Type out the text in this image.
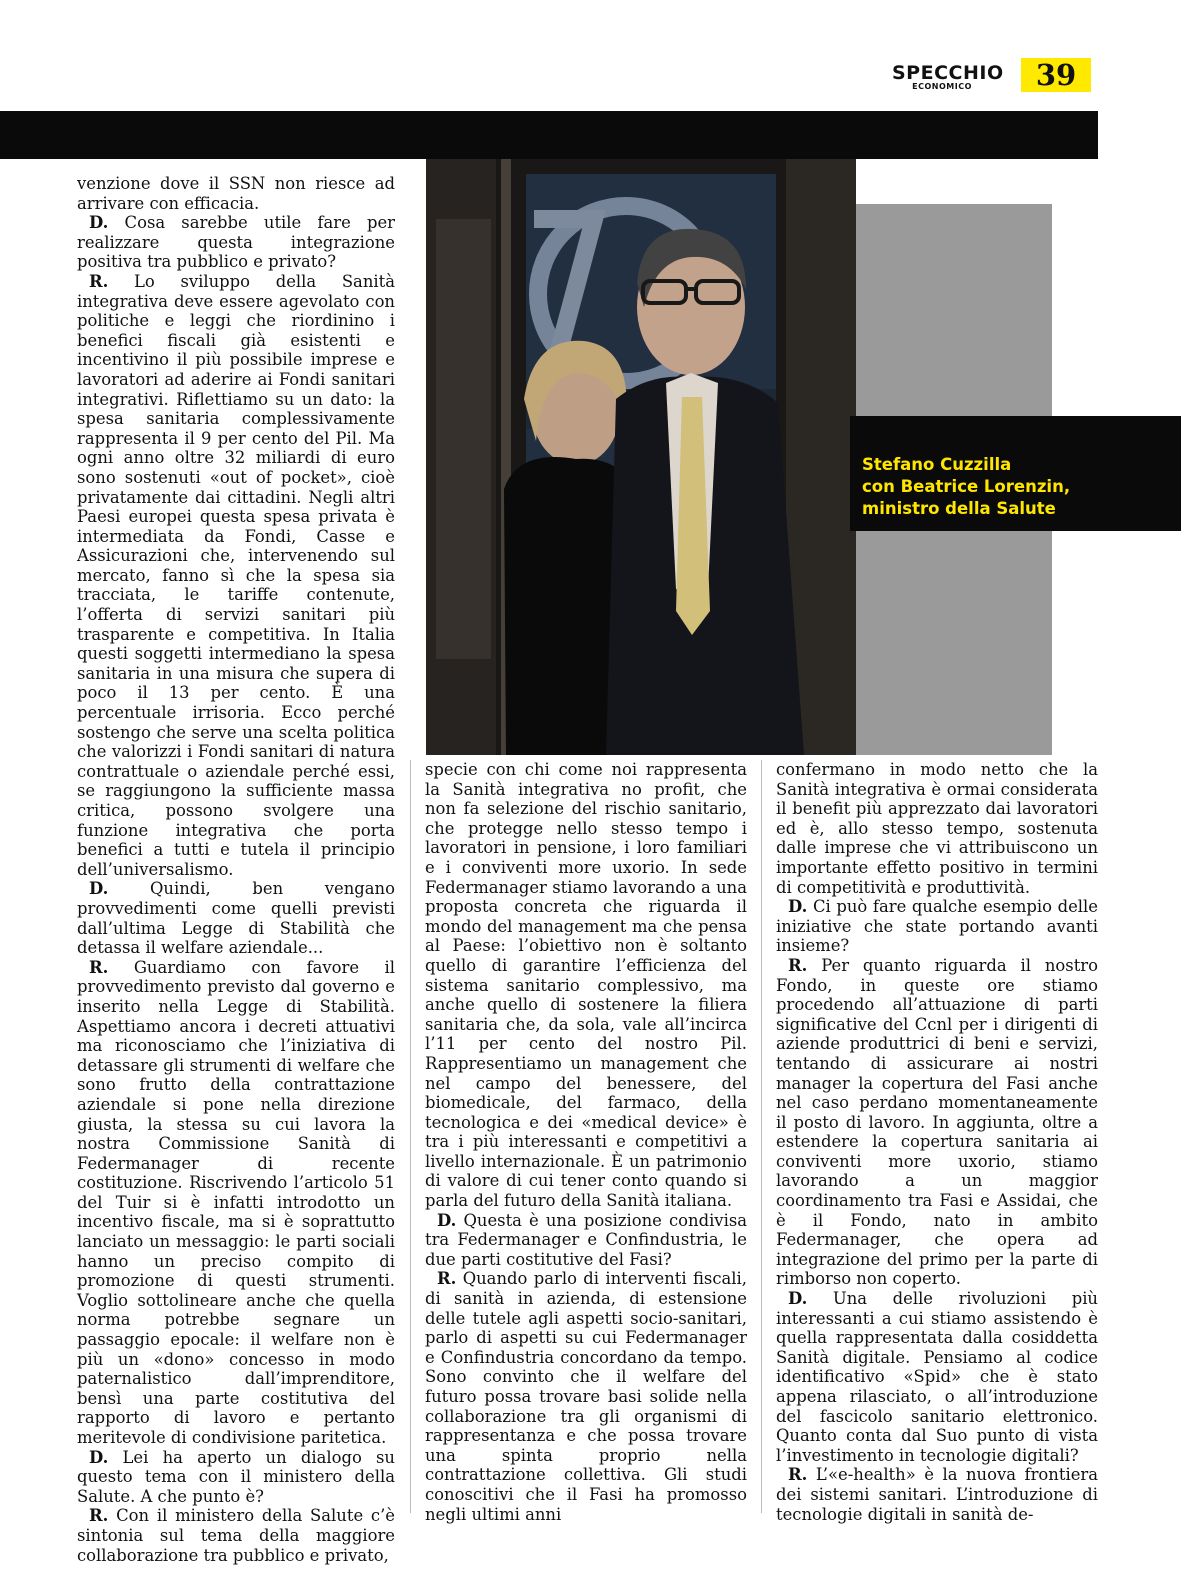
SPECCHIO
ECONOMICO	39

venzione dove il SSN non riesce ad arrivare con efficacia.

D. Cosa sarebbe utile fare per realizzare questa integrazione positiva tra pubblico e privato?

R. Lo sviluppo della Sanità integrativa deve essere agevolato con politiche e leggi che riordinino i benefici fiscali già esistenti e incentivino il più possibile imprese e lavoratori ad aderire ai Fondi sanitari integrativi. Riflettiamo su un dato: la spesa sanitaria complessivamente rappresenta il 9 per cento del Pil. Ma ogni anno oltre 32 miliardi di euro sono sostenuti «out of pocket», cioè privatamente dai cittadini. Negli altri Paesi europei questa spesa privata è intermediata da Fondi, Casse e Assicurazioni che, intervenendo sul mercato, fanno sì che la spesa sia tracciata, le tariffe contenute, l’offerta di servizi sanitari più trasparente e competitiva. In Italia questi soggetti intermediano la spesa sanitaria in una misura che supera di poco il 13 per cento. È una percentuale irrisoria. Ecco perché sostengo che serve una scelta politica che valorizzi i Fondi sanitari di natura contrattuale o aziendale perché essi, se raggiungono la sufficiente massa critica, possono svolgere una funzione integrativa che porta benefici a tutti e tutela il principio dell’universalismo.

D.	Quindi, ben vengano provvedimenti come quelli previsti dall’ultima Legge di Stabilità che detassa il welfare aziendale...

R. Guardiamo con favore il provvedimento previsto dal governo e inserito nella Legge di Stabilità. Aspettiamo ancora i decreti attuativi ma riconosciamo che l’iniziativa di detassare gli strumenti di welfare che sono frutto della contrattazione aziendale si pone nella direzione giusta, la stessa su cui lavora la nostra Commissione Sanità di Federmanager di recente costituzione. Riscrivendo l’articolo 51 del Tuir si è infatti introdotto un incentivo fiscale, ma si è soprattutto lanciato un messaggio: le parti sociali hanno un preciso compito di promozione di questi strumenti. Voglio sottolineare anche che quella norma potrebbe segnare un passaggio epocale: il welfare non è più un «dono» concesso in modo paternalistico dall’imprenditore, bensì una parte costitutiva del rapporto di lavoro e pertanto meritevole di condivisione paritetica.

D. Lei ha aperto un dialogo su questo tema con il ministero della Salute. A che punto è?

R. Con il ministero della Salute c’è sintonia sul tema della maggiore collaborazione tra pubblico e privato,

Stefano Cuzzilla
con Beatrice Lorenzin,
ministro della Salute

specie con chi come noi rappresenta la Sanità integrativa no profit, che non fa selezione del rischio sanitario, che protegge nello stesso tempo i lavoratori in pensione, i loro familiari e i conviventi more uxorio. In sede Federmanager stiamo lavorando a una proposta concreta che riguarda il mondo del management ma che pensa al Paese: l’obiettivo non è soltanto quello di garantire l’efficienza del sistema sanitario complessivo, ma anche quello di sostenere la filiera sanitaria che, da sola, vale all’incirca l’11 per cento del nostro Pil. Rappresentiamo un management che nel campo del benessere, del biomedicale, del farmaco, della tecnologica e dei «medical device» è tra i più interessanti e competitivi a livello internazionale. È un patrimonio di valore di cui tener conto quando si parla del futuro della Sanità italiana.

D. Questa è una posizione condivisa tra Federmanager e Confindustria, le due parti costitutive del Fasi?

R. Quando parlo di interventi fiscali, di sanità in azienda, di estensione delle tutele agli aspetti socio-sanitari, parlo di aspetti su cui Federmanager e Confindustria concordano da tempo. Sono convinto che il welfare del futuro possa trovare basi solide nella collaborazione tra gli organismi di rappresentanza e che possa trovare una spinta proprio nella contrattazione collettiva. Gli studi conoscitivi che il Fasi ha promosso negli ultimi anni

confermano in modo netto che la Sanità integrativa è ormai considerata il benefit più apprezzato dai lavoratori ed è, allo stesso tempo, sostenuta dalle imprese che vi attribuiscono un importante effetto positivo in termini di competitività e produttività.

D. Ci può fare qualche esempio delle iniziative che state portando avanti insieme?

R. Per quanto riguarda il nostro Fondo, in queste ore stiamo procedendo all’attuazione di parti significative del Ccnl per i dirigenti di aziende produttrici di beni e servizi, tentando di assicurare ai nostri manager la copertura del Fasi anche nel caso perdano momentaneamente il posto di lavoro. In aggiunta, oltre a estendere la copertura sanitaria ai conviventi more uxorio, stiamo lavorando a un maggior coordinamento tra Fasi e Assidai, che è il Fondo, nato in ambito Federmanager, che opera ad integrazione del primo per la parte di rimborso non coperto.

D. Una delle rivoluzioni più interessanti a cui stiamo assistendo è quella rappresentata dalla cosiddetta Sanità digitale. Pensiamo al codice identificativo «Spid» che è stato appena rilasciato, o all’introduzione del fascicolo sanitario elettronico. Quanto conta dal Suo punto di vista l’investimento in tecnologie digitali?

R. L’«e-health» è la nuova frontiera dei sistemi sanitari. L’introduzione di tecnologie digitali in sanità de-
